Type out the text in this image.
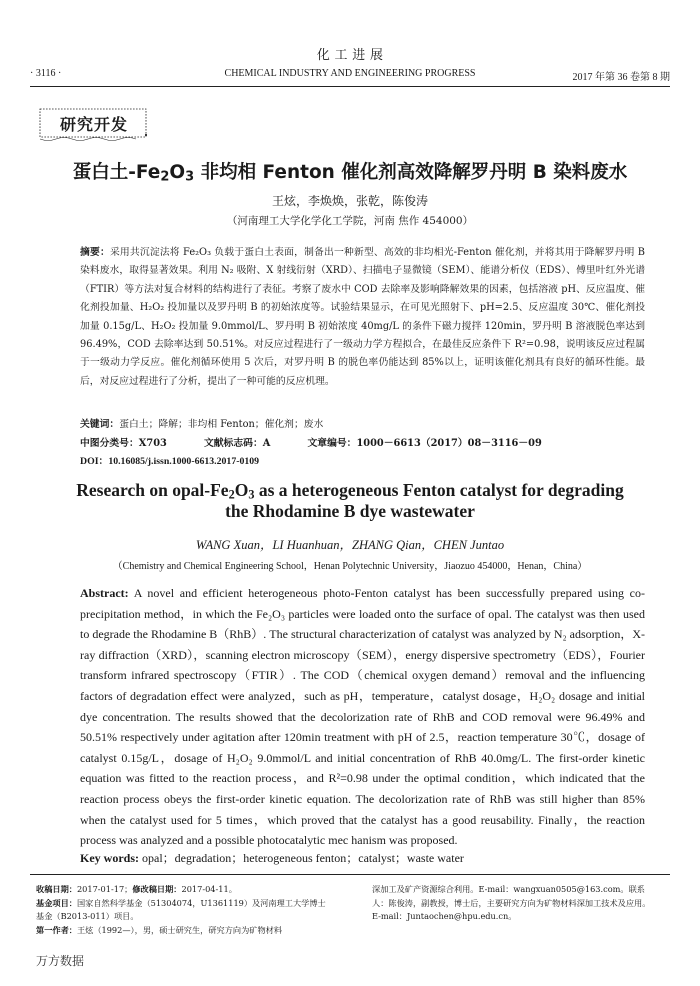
化 工 进 展
· 3116 ·	CHEMICAL INDUSTRY AND ENGINEERING PROGRESS	2017 年第 36 卷第 8 期
研究开发
蛋白土$-Fe_2O_3$ 非均相 Fenton 催化剂高效降解罗丹明 B 染料废水
王炫，李焕焕，张乾，陈俊涛
（河南理工大学化学化工学院，河南 焦作 454000）
摘要：采用共沉淀法将 Fe₂O₃ 负载于蛋白土表面，制备出一种新型、高效的非均相光-Fenton 催化剂，并将其用于降解罗丹明 B 染料废水，取得显著效果。利用 N₂ 吸附、X 射线衍射（XRD）、扫描电子显微镜（SEM）、能谱分析仪（EDS）、傅里叶红外光谱（FTIR）等方法对复合材料的结构进行了表征。考察了废水中 COD 去除率及影响降解效果的因素，包括溶液 pH、反应温度、催化剂投加量、H₂O₂ 投加量以及罗丹明 B 的初始浓度等。试验结果显示，在可见光照射下、pH=2.5、反应温度 30℃、催化剂投加量 0.15g/L、H₂O₂ 投加量 9.0mmol/L、罗丹明 B 初始浓度 40mg/L 的条件下磁力搅拌 120min，罗丹明 B 溶液脱色率达到 96.49%，COD 去除率达到 50.51%。对反应过程进行了一级动力学方程拟合，在最佳反应条件下 R²=0.98，说明该反应过程属于一级动力学反应。催化剂循环使用 5 次后，对罗丹明 B 的脱色率仍能达到 85%以上，证明该催化剂具有良好的循环性能。最后，对反应过程进行了分析，提出了一种可能的反应机理。
关键词：蛋白土；降解；非均相 Fenton；催化剂；废水
中图分类号：X703	文献标志码：A	文章编号：1000－6613（2017）08－3116－09
DOI：10.16085/j.issn.1000-6613.2017-0109
Research on opal-$Fe_2O_3$ as a heterogeneous Fenton catalyst for degrading
the Rhodamine B dye wastewater
WANG Xuan，LI Huanhuan，ZHANG Qian，CHEN Juntao
（Chemistry and Chemical Engineering School，Henan Polytechnic University，Jiaozuo 454000，Henan，China）
Abstract: A novel and efficient heterogeneous photo-Fenton catalyst has been successfully prepared using co-precipitation method，in which the Fe₂O₃ particles were loaded onto the surface of opal. The catalyst was then used to degrade the Rhodamine B（RhB）. The structural characterization of catalyst was analyzed by N₂ adsorption，X-ray diffraction（XRD），scanning electron microscopy（SEM），energy dispersive spectrometry（EDS），Fourier transform infrared spectroscopy（FTIR）. The COD（chemical oxygen demand）removal and the influencing factors of degradation effect were analyzed，such as pH，temperature，catalyst dosage，H₂O₂ dosage and initial dye concentration. The results showed that the decolorization rate of RhB and COD removal were 96.49% and 50.51% respectively under agitation after 120min treatment with pH of 2.5，reaction temperature 30℃，dosage of catalyst 0.15g/L，dosage of H₂O₂ 9.0mmol/L and initial concentration of RhB 40.0mg/L. The first-order kinetic equation was fitted to the reaction process，and R²=0.98 under the optimal condition，which indicated that the reaction process obeys the first-order kinetic equation. The decolorization rate of RhB was still higher than 85% when the catalyst used for 5 times，which proved that the catalyst has a good reusability. Finally，the reaction process was analyzed and a possible photocatalytic mec hanism was proposed.
Key words: opal；degradation；heterogeneous fenton；catalyst；waste water
收稿日期：2017-01-17；修改稿日期：2017-04-11。
基金项目：国家自然科学基金（51304074，U1361119）及河南理工大学博士基金（B2013-011）项目。
第一作者：王炫（1992—），男，硕士研究生，研究方向为矿物材料
深加工及矿产资源综合利用。E-mail：wangxuan0505@163.com。联系人：陈俊涛，副教授，博士后，主要研究方向为矿物材料深加工技术及应用。E-mail：Juntaochen@hpu.edu.cn。
万方数据
